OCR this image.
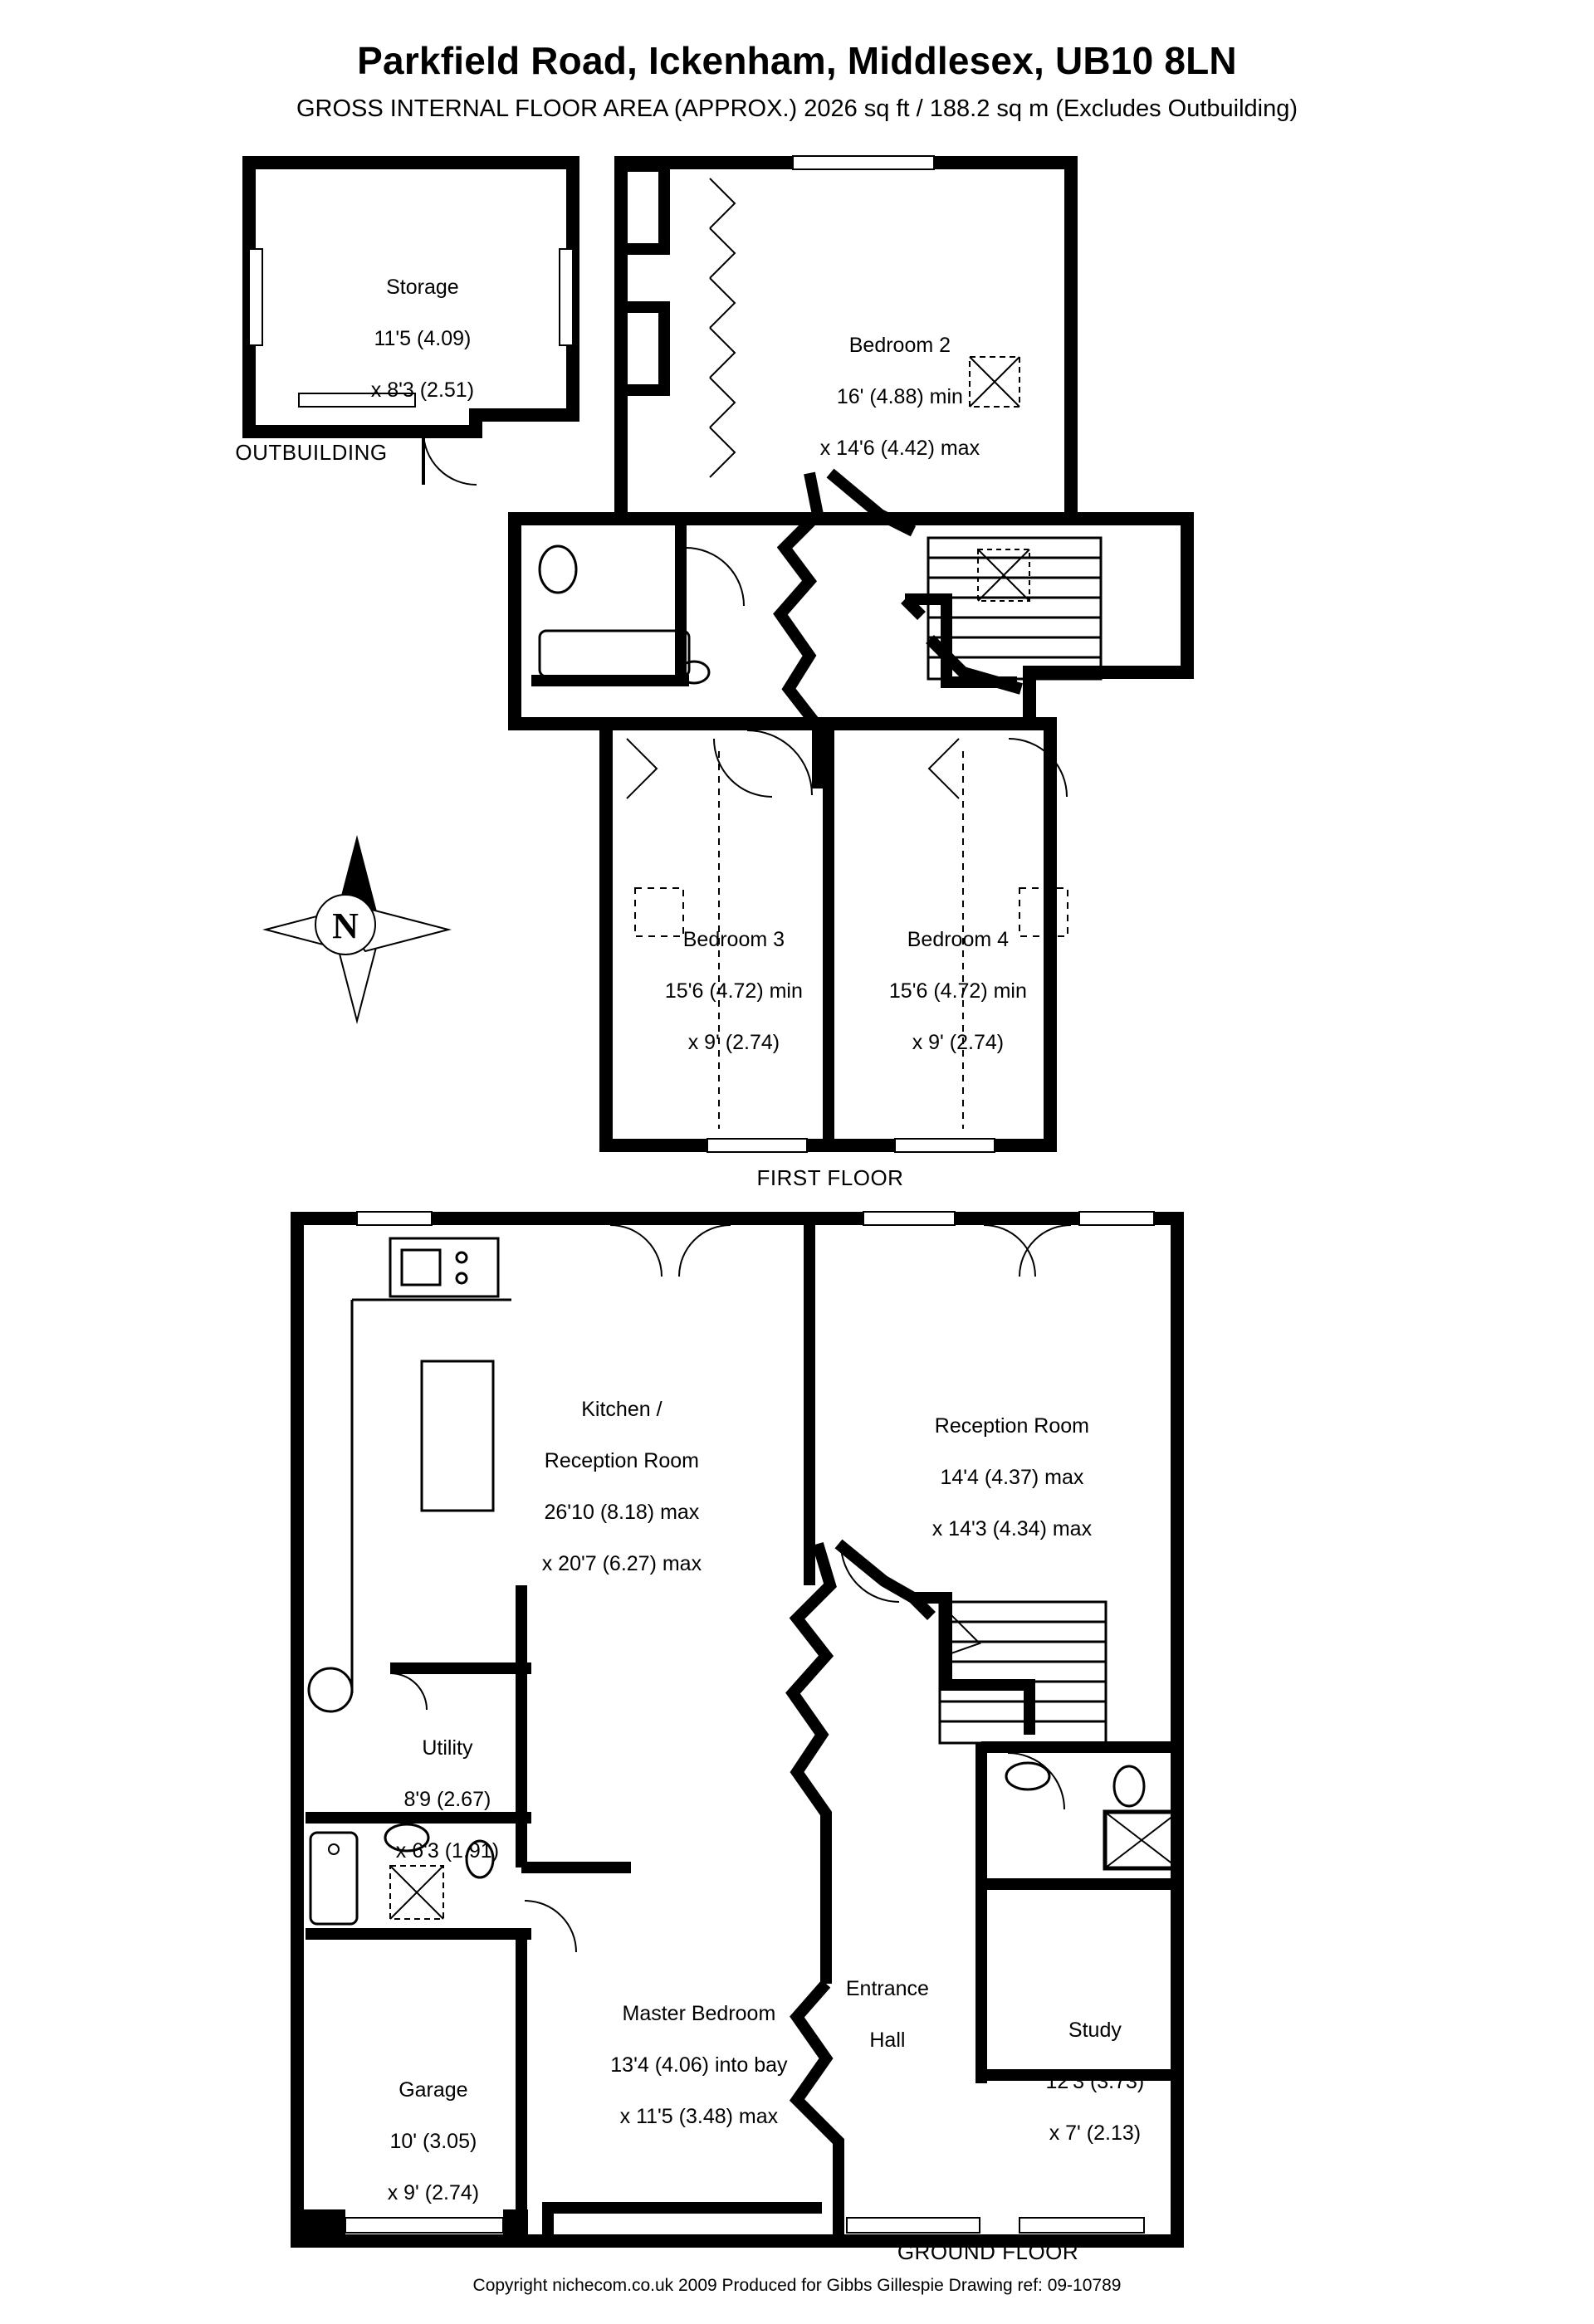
Parkfield Road, Ickenham, Middlesex, UB10 8LN
GROSS INTERNAL FLOOR AREA (APPROX.) 2026 sq ft / 188.2 sq m (Excludes Outbuilding)

Storage

11'5 (4.09)

x 8'3 (2.51)

OUTBUILDING

Bedroom 2

16' (4.88) min

x 14'6 (4.42) max

Bedroom 3

15'6 (4.72) min

x 9' (2.74)

Bedroom 4

15'6 (4.72) min

x 9' (2.74)

FIRST FLOOR

Kitchen /

Reception Room

26'10 (8.18) max

x 20'7 (6.27) max

Reception Room

14'4 (4.37) max

x 14'3 (4.34) max

Utility

8'9 (2.67)

x 6'3 (1.91)

Garage

10' (3.05)

x 9' (2.74)

Master Bedroom

13'4 (4.06) into bay

x 11'5 (3.48) max

Entrance

Hall
	Study

12'3 (3.73)

x 7' (2.13)

GROUND FLOOR
N
Copyright nichecom.co.uk 2009 Produced for Gibbs Gillespie Drawing ref: 09-10789
